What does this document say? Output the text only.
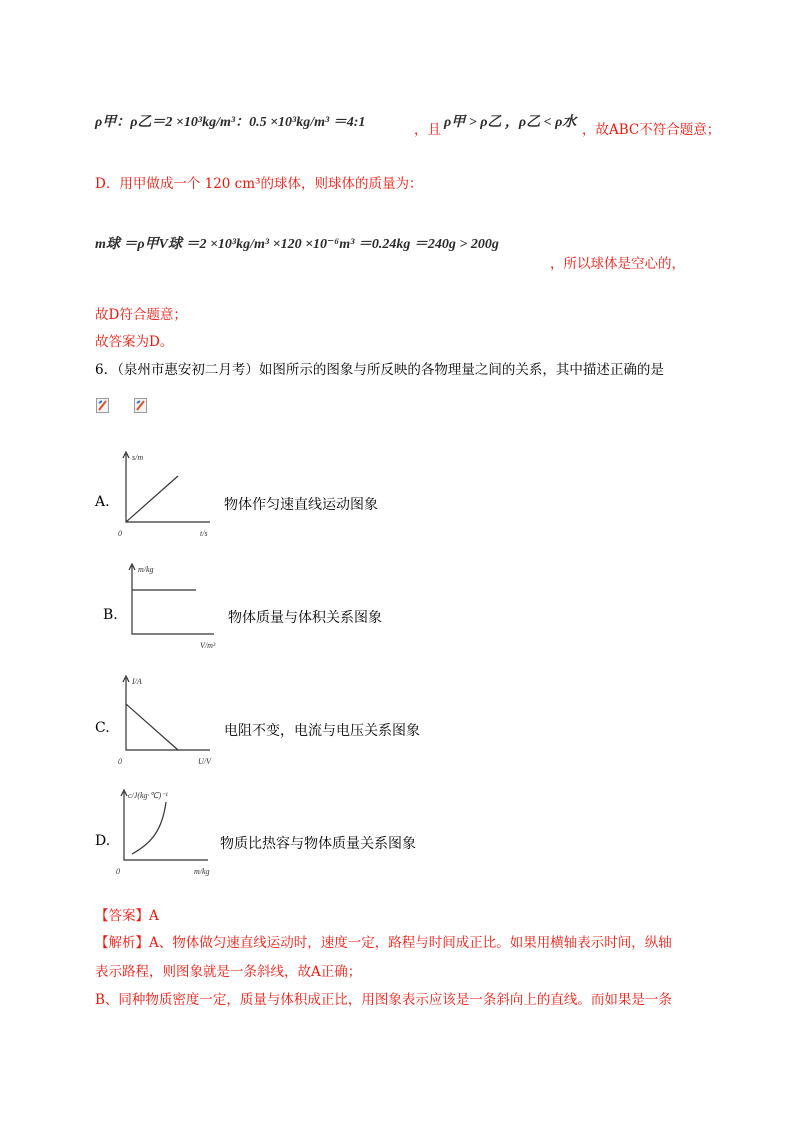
ρ甲：ρ乙＝2 ×10³kg/m³：0.5 ×10³kg/m³ ＝4:1	，且 ρ甲 > ρ乙 ，ρ乙 < ρ水 ，故ABC不符合题意；
D．用甲做成一个 120 cm³的球体，则球体的质量为：
m球 ＝ρ甲V球 ＝2 ×10³kg/m³ ×120 ×10⁻⁶m³ ＝0.24kg ＝240g > 200g
，所以球体是空心的，
故D符合题意；
故答案为D。
6．（泉州市惠安初二月考）如图所示的图象与所反映的各物理量之间的关系，其中描述正确的是
A.
s/m
t/s
0
物体作匀速直线运动图象
B.
m/kg
V/m³
物体质量与体积关系图象
C.
I/A
U/V
0
电阻不变，电流与电压关系图象
D.
c/J(kg·℃)⁻¹
m/kg
0
物质比热容与物体质量关系图象
【答案】A
【解析】A、物体做匀速直线运动时，速度一定，路程与时间成正比。如果用横轴表示时间，纵轴
表示路程，则图象就是一条斜线，故A正确；
B、同种物质密度一定，质量与体积成正比，用图象表示应该是一条斜向上的直线。而如果是一条
